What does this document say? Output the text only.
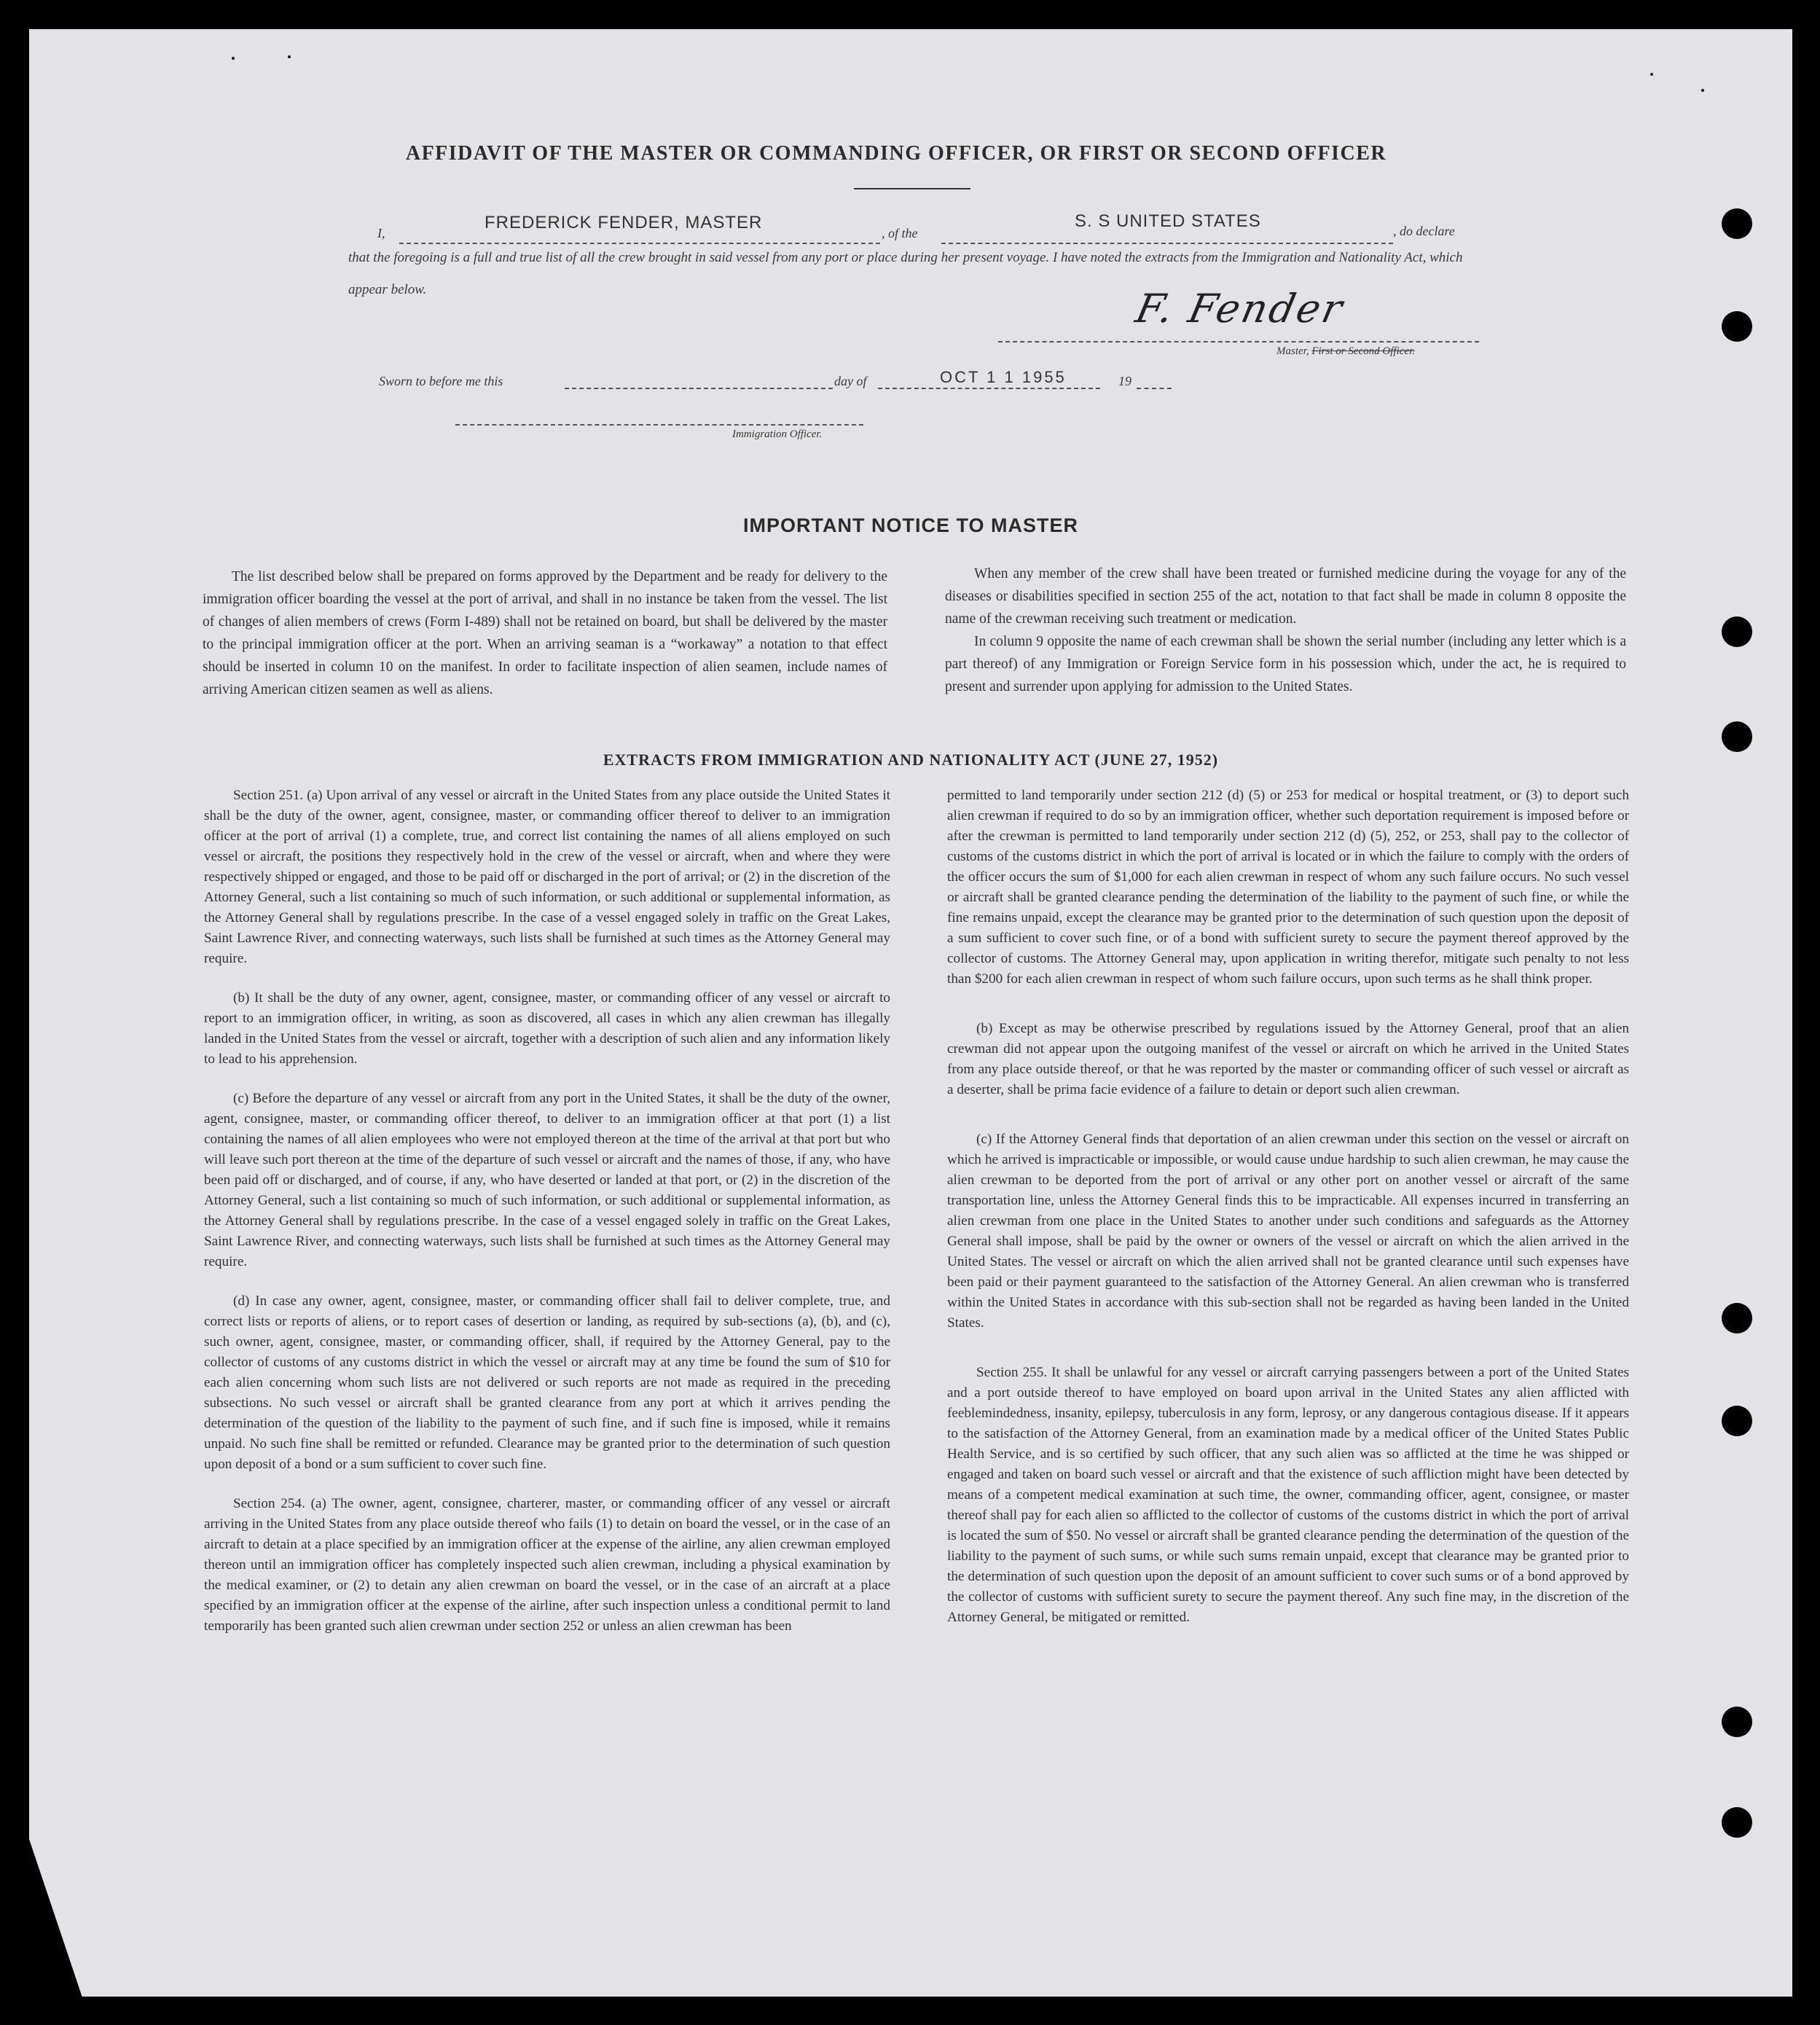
AFFIDAVIT OF THE MASTER OR COMMANDING OFFICER, OR FIRST OR SECOND OFFICER
I,
FREDERICK FENDER, MASTER
, of the
S. S UNITED STATES	, do declare
that the foregoing is a full and true list of all the crew brought in said vessel from any port or place during her present voyage. I have noted the extracts from the Immigration and Nationality Act, which appear below.	F. Fender
Master, First or Second Officer.
Sworn to before me this	day of	OCT 1 1 1955	19
Immigration Officer.
IMPORTANT NOTICE TO MASTER

The list described below shall be prepared on forms approved by the Department and be ready for delivery to the immigration officer boarding the vessel at the port of arrival, and shall in no instance be taken from the vessel. The list of changes of alien members of crews (Form I-489) shall not be retained on board, but shall be delivered by the master to the principal immigration officer at the port. When an arriving seaman is a “workaway” a notation to that effect should be inserted in column 10 on the manifest. In order to facilitate inspection of alien seamen, include names of arriving American citizen seamen as well as aliens.

When any member of the crew shall have been treated or furnished medicine during the voyage for any of the diseases or disabilities specified in section 255 of the act, notation to that fact shall be made in column 8 opposite the name of the crewman receiving such treatment or medication.

In column 9 opposite the name of each crewman shall be shown the serial number (including any letter which is a part thereof) of any Immigration or Foreign Service form in his possession which, under the act, he is required to present and surrender upon applying for admission to the United States.

EXTRACTS FROM IMMIGRATION AND NATIONALITY ACT (JUNE 27, 1952)

Section 251. (a) Upon arrival of any vessel or aircraft in the United States from any place outside the United States it shall be the duty of the owner, agent, consignee, master, or commanding officer thereof to deliver to an immigration officer at the port of arrival (1) a complete, true, and correct list containing the names of all aliens employed on such vessel or aircraft, the positions they respectively hold in the crew of the vessel or aircraft, when and where they were respectively shipped or engaged, and those to be paid off or discharged in the port of arrival; or (2) in the discretion of the Attorney General, such a list containing so much of such information, or such additional or supplemental information, as the Attorney General shall by regulations prescribe. In the case of a vessel engaged solely in traffic on the Great Lakes, Saint Lawrence River, and connecting waterways, such lists shall be furnished at such times as the Attorney General may require.

(b) It shall be the duty of any owner, agent, consignee, master, or commanding officer of any vessel or aircraft to report to an immigration officer, in writing, as soon as discovered, all cases in which any alien crewman has illegally landed in the United States from the vessel or aircraft, together with a description of such alien and any information likely to lead to his apprehension.

(c) Before the departure of any vessel or aircraft from any port in the United States, it shall be the duty of the owner, agent, consignee, master, or commanding officer thereof, to deliver to an immigration officer at that port (1) a list containing the names of all alien employees who were not employed thereon at the time of the arrival at that port but who will leave such port thereon at the time of the departure of such vessel or aircraft and the names of those, if any, who have been paid off or discharged, and of course, if any, who have deserted or landed at that port, or (2) in the discretion of the Attorney General, such a list containing so much of such information, or such additional or supplemental information, as the Attorney General shall by regulations prescribe. In the case of a vessel engaged solely in traffic on the Great Lakes, Saint Lawrence River, and connecting waterways, such lists shall be furnished at such times as the Attorney General may require.

(d) In case any owner, agent, consignee, master, or commanding officer shall fail to deliver complete, true, and correct lists or reports of aliens, or to report cases of desertion or landing, as required by sub-sections (a), (b), and (c), such owner, agent, consignee, master, or commanding officer, shall, if required by the Attorney General, pay to the collector of customs of any customs district in which the vessel or aircraft may at any time be found the sum of $10 for each alien concerning whom such lists are not delivered or such reports are not made as required in the preceding subsections. No such vessel or aircraft shall be granted clearance from any port at which it arrives pending the determination of the question of the liability to the payment of such fine, and if such fine is imposed, while it remains unpaid. No such fine shall be remitted or refunded. Clearance may be granted prior to the determination of such question upon deposit of a bond or a sum sufficient to cover such fine.

Section 254. (a) The owner, agent, consignee, charterer, master, or commanding officer of any vessel or aircraft arriving in the United States from any place outside thereof who fails (1) to detain on board the vessel, or in the case of an aircraft to detain at a place specified by an immigration officer at the expense of the airline, any alien crewman employed thereon until an immigration officer has completely inspected such alien crewman, including a physical examination by the medical examiner, or (2) to detain any alien crewman on board the vessel, or in the case of an aircraft at a place specified by an immigration officer at the expense of the airline, after such inspection unless a conditional permit to land temporarily has been granted such alien crewman under section 252 or unless an alien crewman has been

permitted to land temporarily under section 212 (d) (5) or 253 for medical or hospital treatment, or (3) to deport such alien crewman if required to do so by an immigration officer, whether such deportation requirement is imposed before or after the crewman is permitted to land temporarily under section 212 (d) (5), 252, or 253, shall pay to the collector of customs of the customs district in which the port of arrival is located or in which the failure to comply with the orders of the officer occurs the sum of $1,000 for each alien crewman in respect of whom any such failure occurs. No such vessel or aircraft shall be granted clearance pending the determination of the liability to the payment of such fine, or while the fine remains unpaid, except the clearance may be granted prior to the determination of such question upon the deposit of a sum sufficient to cover such fine, or of a bond with sufficient surety to secure the payment thereof approved by the collector of customs. The Attorney General may, upon application in writing therefor, mitigate such penalty to not less than $200 for each alien crewman in respect of whom such failure occurs, upon such terms as he shall think proper.

(b) Except as may be otherwise prescribed by regulations issued by the Attorney General, proof that an alien crewman did not appear upon the outgoing manifest of the vessel or aircraft on which he arrived in the United States from any place outside thereof, or that he was reported by the master or commanding officer of such vessel or aircraft as a deserter, shall be prima facie evidence of a failure to detain or deport such alien crewman.

(c) If the Attorney General finds that deportation of an alien crewman under this section on the vessel or aircraft on which he arrived is impracticable or impossible, or would cause undue hardship to such alien crewman, he may cause the alien crewman to be deported from the port of arrival or any other port on another vessel or aircraft of the same transportation line, unless the Attorney General finds this to be impracticable. All expenses incurred in transferring an alien crewman from one place in the United States to another under such conditions and safeguards as the Attorney General shall impose, shall be paid by the owner or owners of the vessel or aircraft on which the alien arrived in the United States. The vessel or aircraft on which the alien arrived shall not be granted clearance until such expenses have been paid or their payment guaranteed to the satisfaction of the Attorney General. An alien crewman who is transferred within the United States in accordance with this sub-section shall not be regarded as having been landed in the United States.

Section 255. It shall be unlawful for any vessel or aircraft carrying passengers between a port of the United States and a port outside thereof to have employed on board upon arrival in the United States any alien afflicted with feeblemindedness, insanity, epilepsy, tuberculosis in any form, leprosy, or any dangerous contagious disease. If it appears to the satisfaction of the Attorney General, from an examination made by a medical officer of the United States Public Health Service, and is so certified by such officer, that any such alien was so afflicted at the time he was shipped or engaged and taken on board such vessel or aircraft and that the existence of such affliction might have been detected by means of a competent medical examination at such time, the owner, commanding officer, agent, consignee, or master thereof shall pay for each alien so afflicted to the collector of customs of the customs district in which the port of arrival is located the sum of $50. No vessel or aircraft shall be granted clearance pending the determination of the question of the liability to the payment of such sums, or while such sums remain unpaid, except that clearance may be granted prior to the determination of such question upon the deposit of an amount sufficient to cover such sums or of a bond approved by the collector of customs with sufficient surety to secure the payment thereof. Any such fine may, in the discretion of the Attorney General, be mitigated or remitted.
